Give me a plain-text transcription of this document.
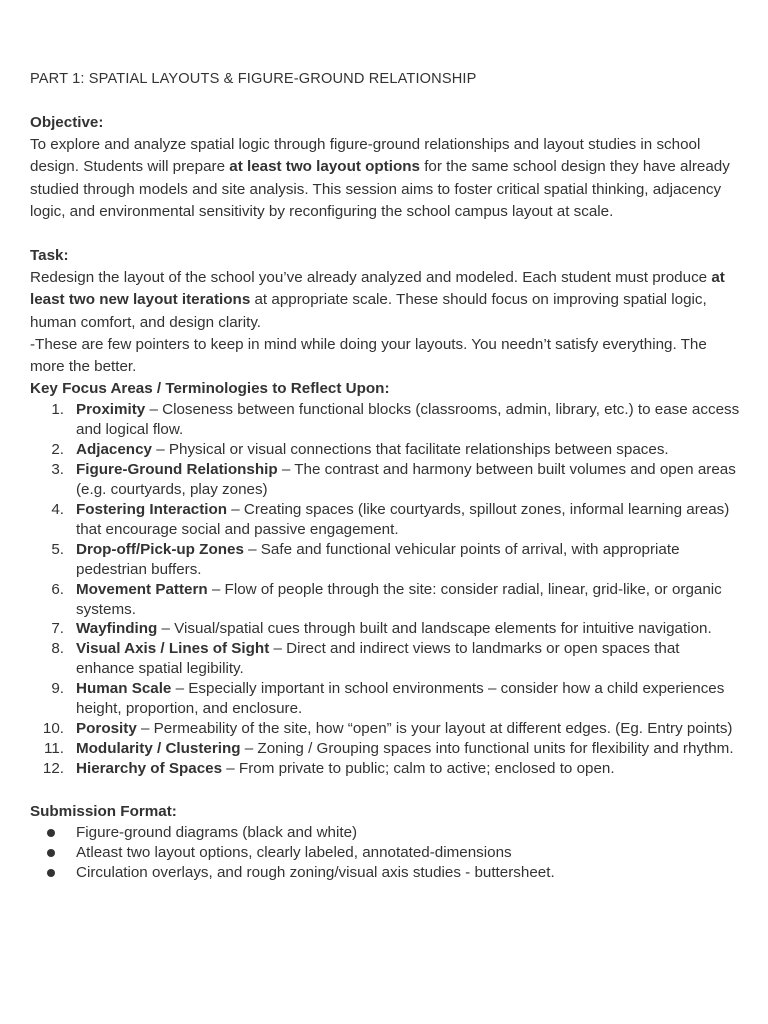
PART 1: SPATIAL LAYOUTS & FIGURE-GROUND RELATIONSHIP
Objective:

To explore and analyze spatial logic through figure-ground relationships and layout studies in school design. Students will prepare at least two layout options for the same school design they have already studied through models and site analysis. This session aims to foster critical spatial thinking, adjacency logic, and environmental sensitivity by reconfiguring the school campus layout at scale.

Task:

Redesign the layout of the school you’ve already analyzed and modeled. Each student must produce at least two new layout iterations at appropriate scale. These should focus on improving spatial logic, human comfort, and design clarity.

-These are few pointers to keep in mind while doing your layouts. You needn’t satisfy everything. The more the better.

Key Focus Areas / Terminologies to Reflect Upon:
1. Proximity – Closeness between functional blocks (classrooms, admin, library, etc.) to ease access and logical flow.
2. Adjacency – Physical or visual connections that facilitate relationships between spaces.
3. Figure-Ground Relationship – The contrast and harmony between built volumes and open areas (e.g. courtyards, play zones)
4. Fostering Interaction – Creating spaces (like courtyards, spillout zones, informal learning areas) that encourage social and passive engagement.
5. Drop-off/Pick-up Zones – Safe and functional vehicular points of arrival, with appropriate pedestrian buffers.
6. Movement Pattern – Flow of people through the site: consider radial, linear, grid-like, or organic systems.
7. Wayfinding – Visual/spatial cues through built and landscape elements for intuitive navigation.
8. Visual Axis / Lines of Sight – Direct and indirect views to landmarks or open spaces that enhance spatial legibility.
9. Human Scale – Especially important in school environments – consider how a child experiences height, proportion, and enclosure.
10. Porosity – Permeability of the site, how “open” is your layout at different edges. (Eg. Entry points)
11. Modularity / Clustering – Zoning / Grouping spaces into functional units for flexibility and rhythm.
12. Hierarchy of Spaces – From private to public; calm to active; enclosed to open.
Submission Format:
Figure-ground diagrams (black and white)
Atleast two layout options, clearly labeled, annotated-dimensions
Circulation overlays, and rough zoning/visual axis studies - buttersheet.
